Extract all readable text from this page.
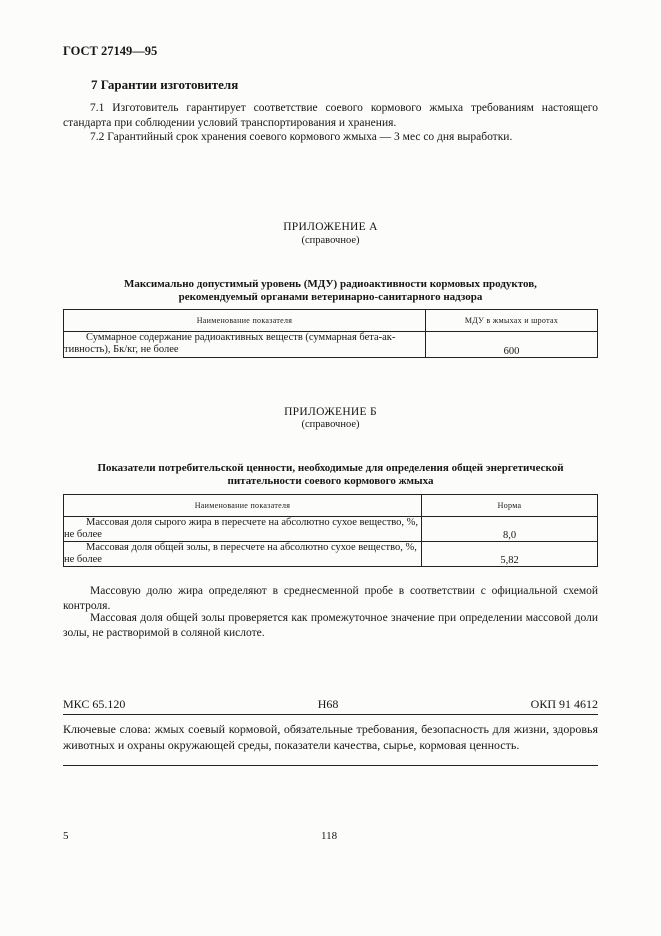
ГОСТ 27149—95
7 Гарантии изготовителя
7.1 Изготовитель гарантирует соответствие соевого кормового жмыха требованиям настоящего стандарта при соблюдении условий транспортирования и хранения.
7.2 Гарантийный срок хранения соевого кормового жмыха — 3 мес со дня выработки.
ПРИЛОЖЕНИЕ А
(справочное)
Максимально допустимый уровень (МДУ) радиоактивности кормовых продуктов,
рекомендуемый органами ветеринарно-санитарного надзора
Наименование показателя	МДУ в жмыхах и шротах
Суммарное содержание радиоактивных веществ (суммарная бета-ак-тивность), Бк/кг, не более	600
ПРИЛОЖЕНИЕ Б
(справочное)
Показатели потребительской ценности, необходимые для определения общей энергетической
питательности соевого кормового жмыха
Наименование показателя	Норма
Массовая доля сырого жира в пересчете на абсолютно сухое вещество, %, не более	8,0
Массовая доля общей золы, в пересчете на абсолютно сухое вещество, %, не более	5,82
Массовую долю жира определяют в среднесменной пробе в соответствии с официальной схемой контроля.
Массовая доля общей золы проверяется как промежуточное значение при определении массовой доли золы, не растворимой в соляной кислоте.
МКС 65.120	Н68	ОКП 91 4612
Ключевые слова: жмых соевый кормовой, обязательные требования, безопасность для жизни, здоровья животных и охраны окружающей среды, показатели качества, сырье, кормовая ценность.
5	118
